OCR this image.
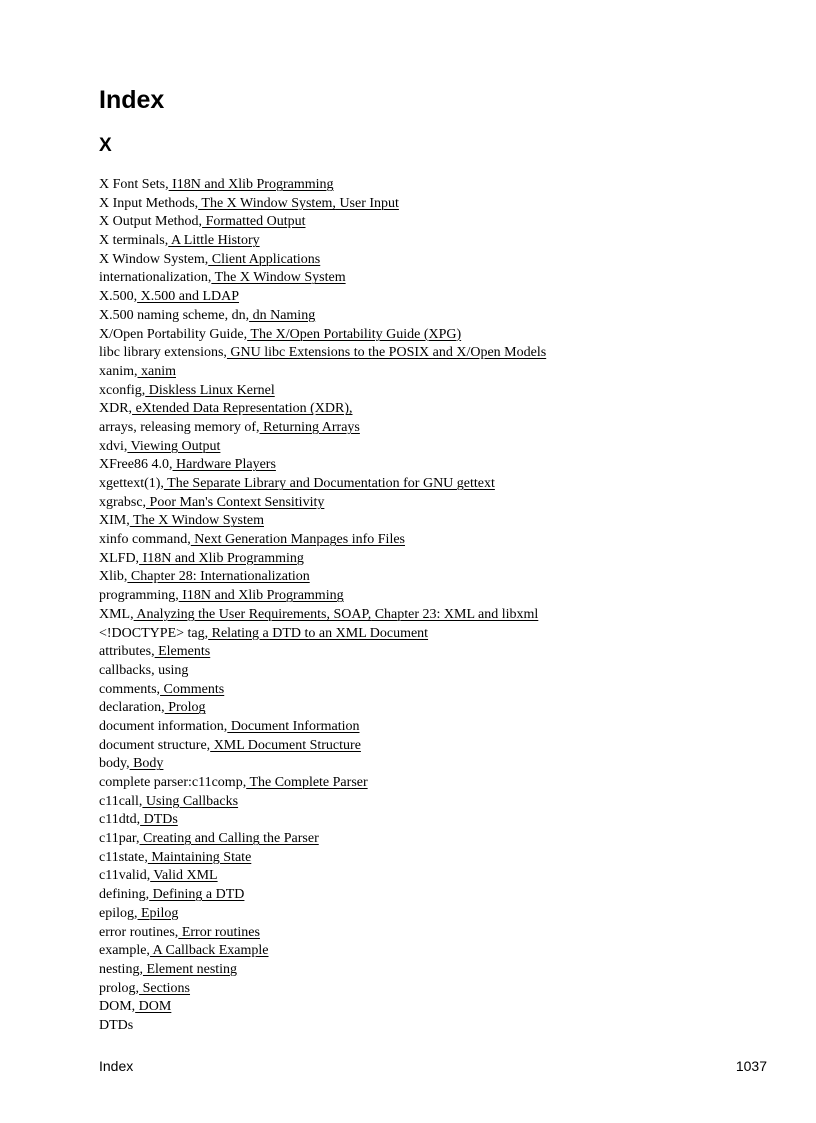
Index
X
X Font Sets, I18N and Xlib Programming
X Input Methods, The X Window System, User Input
X Output Method, Formatted Output
X terminals, A Little History
X Window System, Client Applications
internationalization, The X Window System
X.500, X.500 and LDAP
X.500 naming scheme, dn, dn Naming
X/Open Portability Guide, The X/Open Portability Guide (XPG)
libc library extensions, GNU libc Extensions to the POSIX and X/Open Models
xanim, xanim
xconfig, Diskless Linux Kernel
XDR, eXtended Data Representation (XDR),
arrays, releasing memory of, Returning Arrays
xdvi, Viewing Output
XFree86 4.0, Hardware Players
xgettext(1), The Separate Library and Documentation for GNU gettext
xgrabsc, Poor Man's Context Sensitivity
XIM, The X Window System
xinfo command, Next Generation Manpages info Files
XLFD, I18N and Xlib Programming
Xlib, Chapter 28: Internationalization
programming, I18N and Xlib Programming
XML, Analyzing the User Requirements, SOAP, Chapter 23: XML and libxml
<!DOCTYPE> tag, Relating a DTD to an XML Document
attributes, Elements
callbacks, using
comments, Comments
declaration, Prolog
document information, Document Information
document structure, XML Document Structure
body, Body
complete parser:c11comp, The Complete Parser
c11call, Using Callbacks
c11dtd, DTDs
c11par, Creating and Calling the Parser
c11state, Maintaining State
c11valid, Valid XML
defining, Defining a DTD
epilog, Epilog
error routines, Error routines
example, A Callback Example
nesting, Element nesting
prolog, Sections
DOM, DOM
DTDs
Index	1037
